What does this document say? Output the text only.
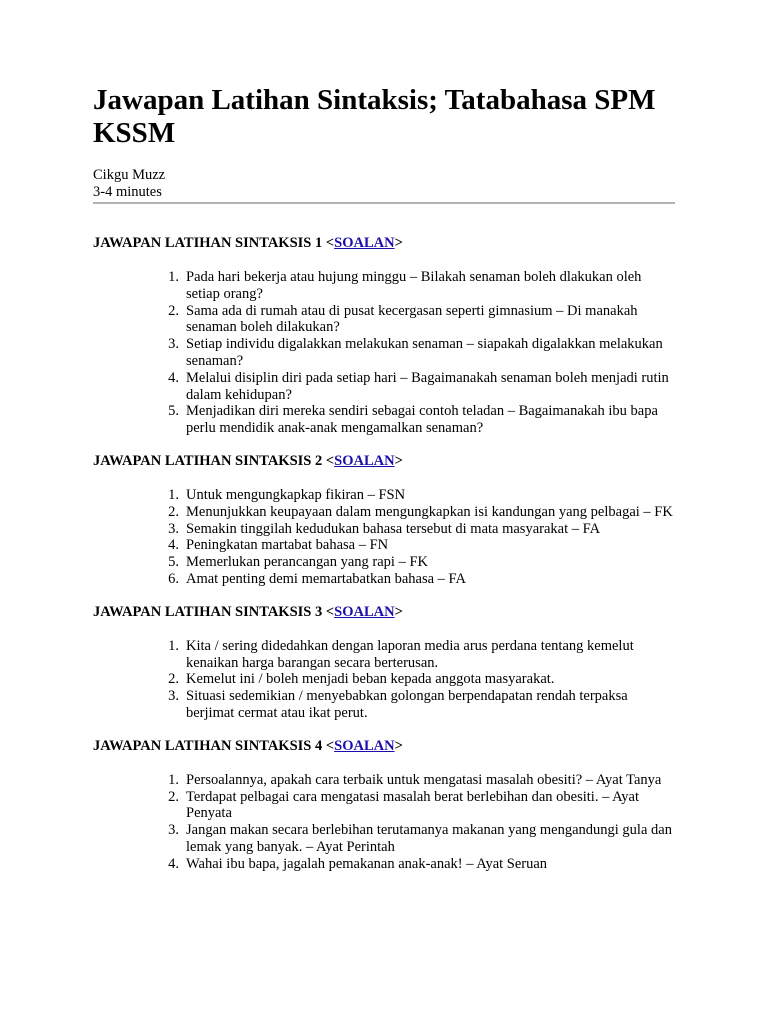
Jawapan Latihan Sintaksis; Tatabahasa SPM KSSM
Cikgu Muzz
3-4 minutes
JAWAPAN LATIHAN SINTAKSIS 1 <SOALAN>
1. Pada hari bekerja atau hujung minggu – Bilakah senaman boleh dlakukan oleh setiap orang?
2. Sama ada di rumah atau di pusat kecergasan seperti gimnasium – Di manakah senaman boleh dilakukan?
3. Setiap individu digalakkan melakukan senaman – siapakah digalakkan melakukan senaman?
4. Melalui disiplin diri pada setiap hari – Bagaimanakah senaman boleh menjadi rutin dalam kehidupan?
5. Menjadikan diri mereka sendiri sebagai contoh teladan – Bagaimanakah ibu bapa perlu mendidik anak-anak mengamalkan senaman?
JAWAPAN LATIHAN SINTAKSIS 2 <SOALAN>
1. Untuk mengungkapkap fikiran – FSN
2. Menunjukkan keupayaan dalam mengungkapkan isi kandungan yang pelbagai – FK
3. Semakin tinggilah kedudukan bahasa tersebut di mata masyarakat – FA
4. Peningkatan martabat bahasa – FN
5. Memerlukan perancangan yang rapi – FK
6. Amat penting demi memartabatkan bahasa – FA
JAWAPAN LATIHAN SINTAKSIS 3 <SOALAN>
1. Kita / sering didedahkan dengan laporan media arus perdana tentang kemelut kenaikan harga barangan secara berterusan.
2. Kemelut ini / boleh menjadi beban kepada anggota masyarakat.
3. Situasi sedemikian / menyebabkan golongan berpendapatan rendah terpaksa berjimat cermat atau ikat perut.
JAWAPAN LATIHAN SINTAKSIS 4 <SOALAN>
1. Persoalannya, apakah cara terbaik untuk mengatasi masalah obesiti? – Ayat Tanya
2. Terdapat pelbagai cara mengatasi masalah berat berlebihan dan obesiti. – Ayat Penyata
3. Jangan makan secara berlebihan terutamanya makanan yang mengandungi gula dan lemak yang banyak. – Ayat Perintah
4. Wahai ibu bapa, jagalah pemakanan anak-anak! – Ayat Seruan
